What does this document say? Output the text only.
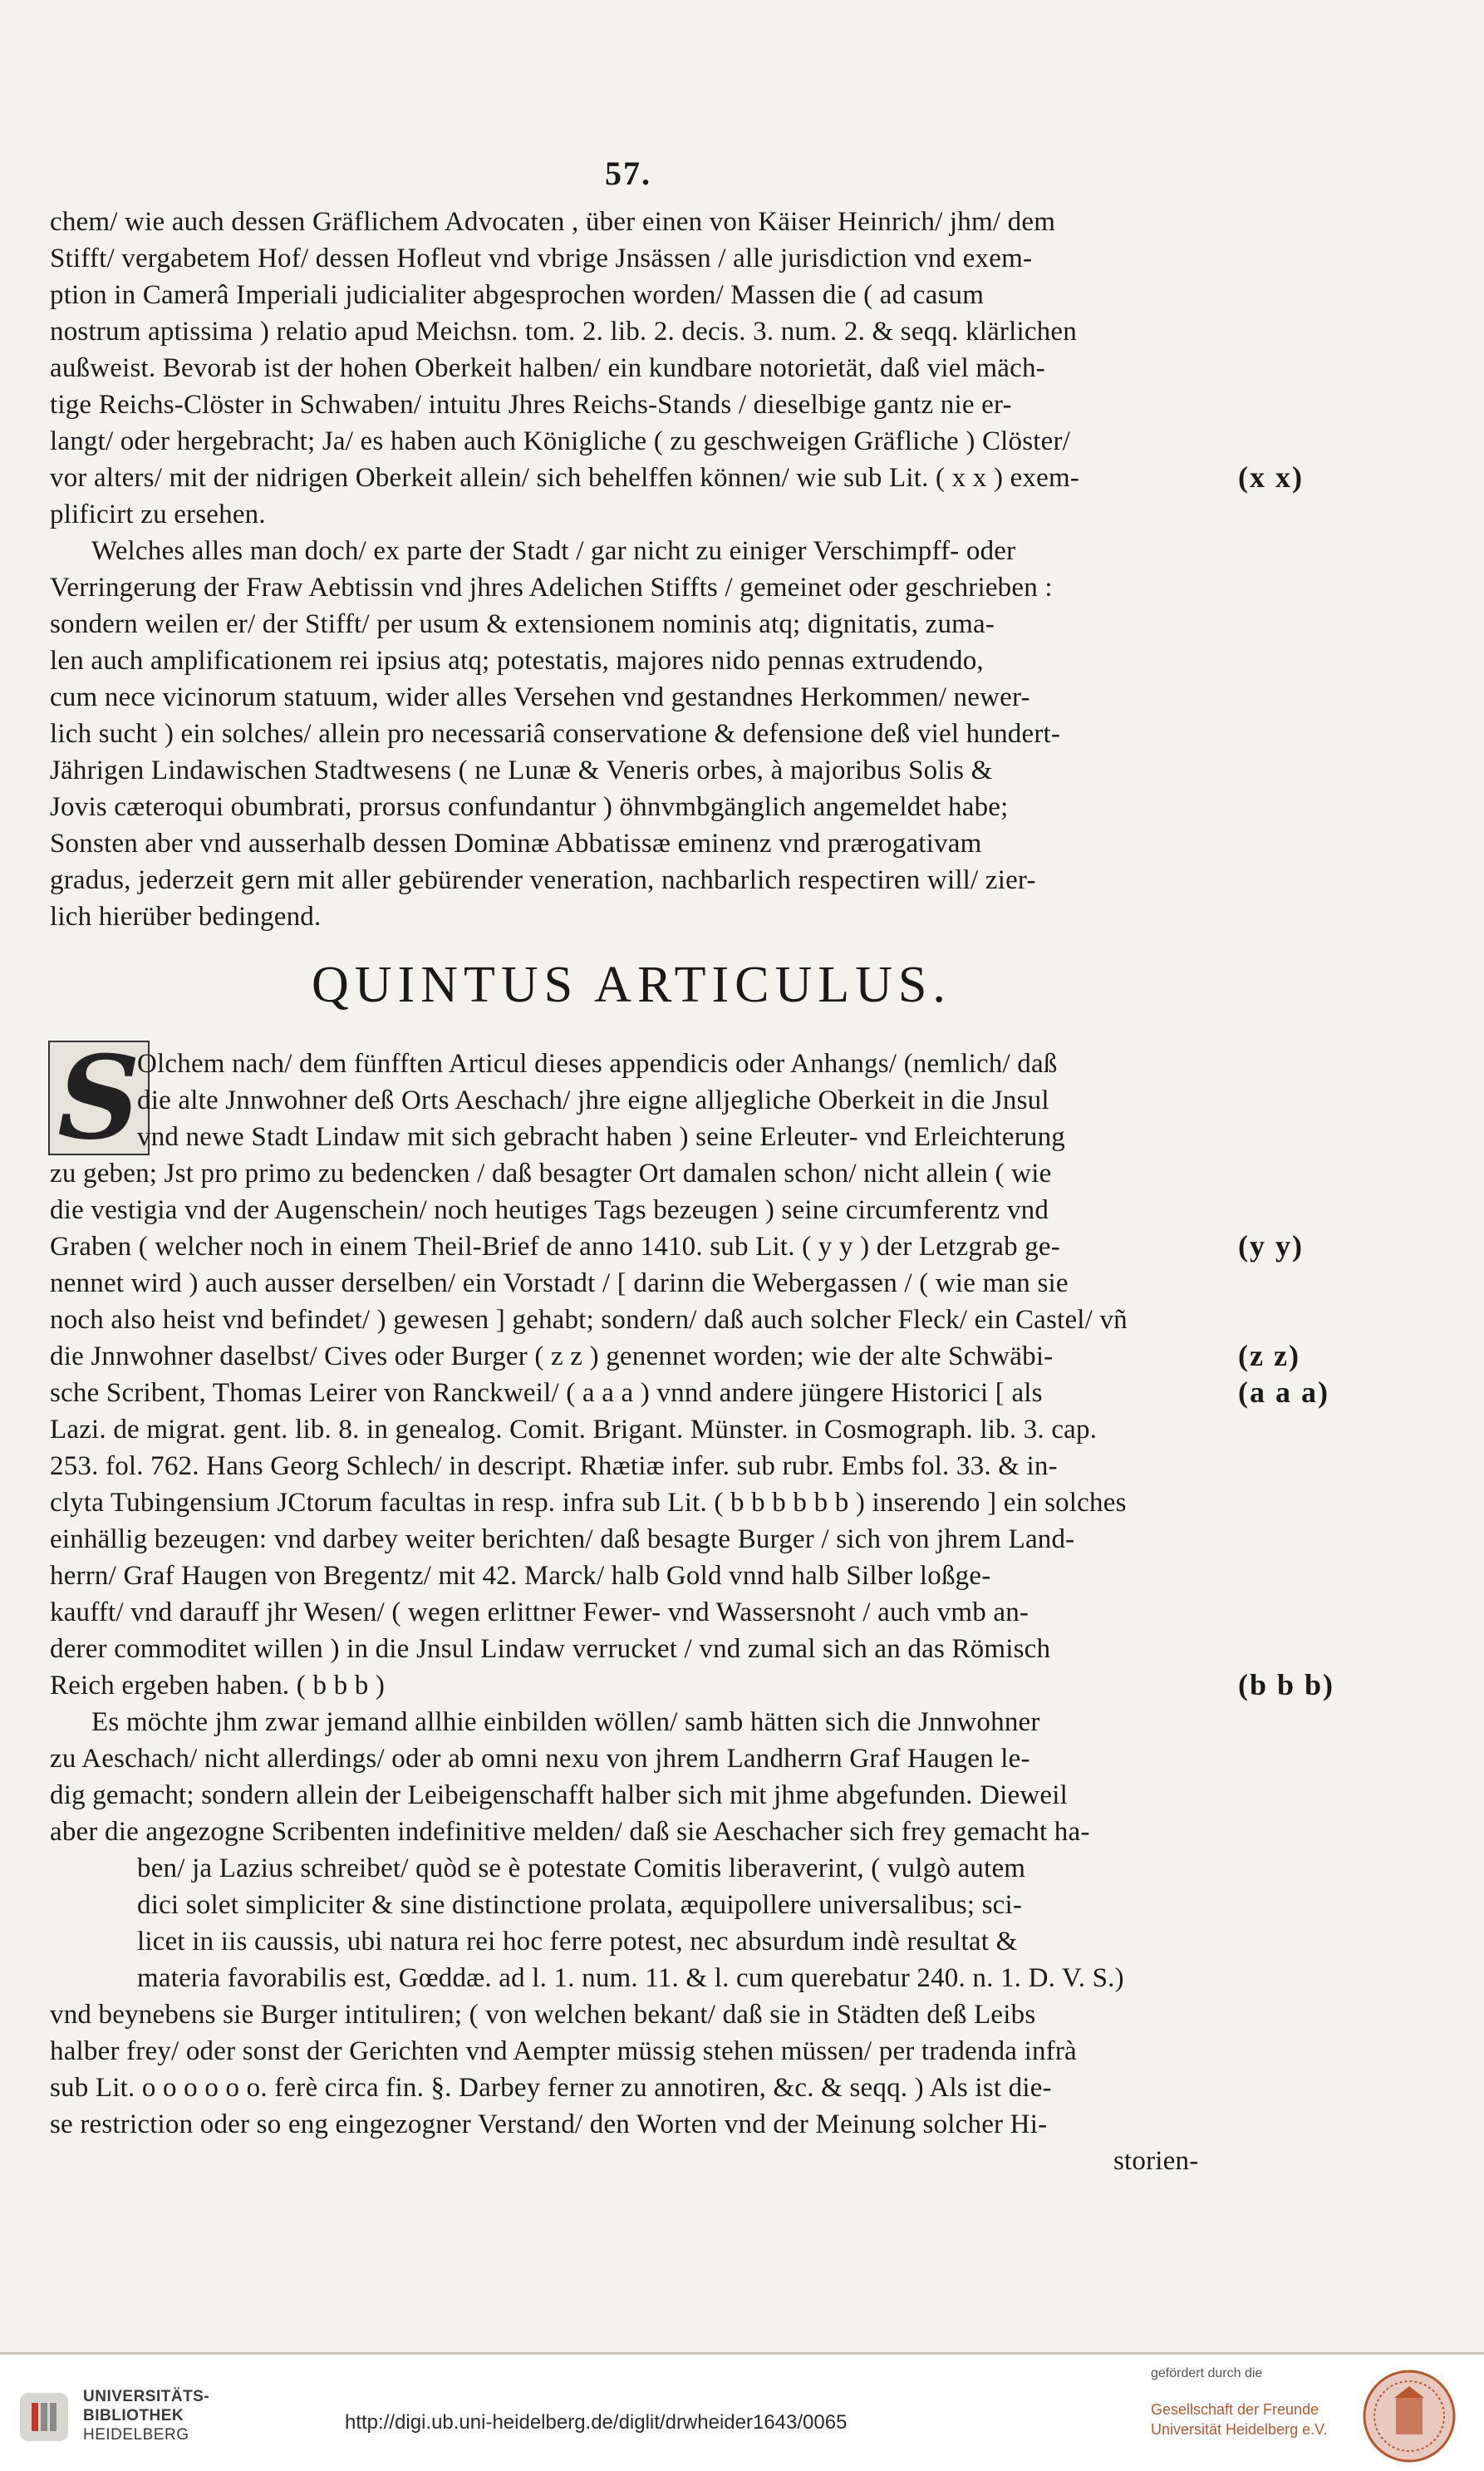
57.
chem/ wie auch dessen Gräflichem Advocaten , über einen von Käiser Heinrich/ jhm/ dem
Stifft/ vergabetem Hof/ dessen Hofleut vnd vbrige Jnsässen / alle jurisdiction vnd exem-
ption in Camerâ Imperiali judicialiter abgesprochen worden/ Massen die ( ad casum
nostrum aptissima ) relatio apud Meichsn. tom. 2. lib. 2. decis. 3. num. 2. & seqq. klärlichen
außweist. Bevorab ist der hohen Oberkeit halben/ ein kundbare notorietät, daß viel mäch-
tige Reichs-Clöster in Schwaben/ intuitu Jhres Reichs-Stands / dieselbige gantz nie er-
langt/ oder hergebracht; Ja/ es haben auch Königliche ( zu geschweigen Gräfliche ) Clöster/
vor alters/ mit der nidrigen Oberkeit allein/ sich behelffen können/ wie sub Lit. ( x x ) exem-
plificirt zu ersehen.
(x x)
Welches alles man doch/ ex parte der Stadt / gar nicht zu einiger Verschimpff- oder
Verringerung der Fraw Aebtissin vnd jhres Adelichen Stiffts / gemeinet oder geschrieben :
sondern weilen er/ der Stifft/ per usum & extensionem nominis atq; dignitatis, zuma-
len auch amplificationem rei ipsius atq; potestatis, majores nido pennas extrudendo,
cum nece vicinorum statuum, wider alles Versehen vnd gestandnes Herkommen/ newer-
lich sucht ) ein solches/ allein pro necessariâ conservatione & defensione deß viel hundert-
Jährigen Lindawischen Stadtwesens ( ne Lunæ & Veneris orbes, à majoribus Solis &
Jovis cæteroqui obumbrati, prorsus confundantur ) öhnvmbgänglich angemeldet habe;
Sonsten aber vnd ausserhalb dessen Dominæ Abbatissæ eminenz vnd prærogativam
gradus, jederzeit gern mit aller gebürender veneration, nachbarlich respectiren will/ zier-
lich hierüber bedingend.
QUINTUS ARTICULUS.
S
Olchem nach/ dem fünfften Articul dieses appendicis oder Anhangs/ (nemlich/ daß
die alte Jnnwohner deß Orts Aeschach/ jhre eigne alljegliche Oberkeit in die Jnsul
vnd newe Stadt Lindaw mit sich gebracht haben ) seine Erleuter- vnd Erleichterung
zu geben; Jst pro primo zu bedencken / daß besagter Ort damalen schon/ nicht allein ( wie
die vestigia vnd der Augenschein/ noch heutiges Tags bezeugen ) seine circumferentz vnd
Graben ( welcher noch in einem Theil-Brief de anno 1410. sub Lit. ( y y ) der Letzgrab ge-
nennet wird ) auch ausser derselben/ ein Vorstadt / [ darinn die Webergassen / ( wie man sie
noch also heist vnd befindet/ ) gewesen ] gehabt; sondern/ daß auch solcher Fleck/ ein Castel/ vñ
die Jnnwohner daselbst/ Cives oder Burger ( z z ) genennet worden; wie der alte Schwäbi-
sche Scribent, Thomas Leirer von Ranckweil/ ( a a a ) vnnd andere jüngere Historici [ als
Lazi. de migrat. gent. lib. 8. in genealog. Comit. Brigant. Münster. in Cosmograph. lib. 3. cap.
253. fol. 762. Hans Georg Schlech/ in descript. Rhætiæ infer. sub rubr. Embs fol. 33. & in-
clyta Tubingensium JCtorum facultas in resp. infra sub Lit. ( b b b b b b ) inserendo ] ein solches
einhällig bezeugen: vnd darbey weiter berichten/ daß besagte Burger / sich von jhrem Land-
herrn/ Graf Haugen von Bregentz/ mit 42. Marck/ halb Gold vnnd halb Silber loßge-
kaufft/ vnd darauff jhr Wesen/ ( wegen erlittner Fewer- vnd Wassersnoht / auch vmb an-
derer commoditet willen ) in die Jnsul Lindaw verrucket / vnd zumal sich an das Römisch
Reich ergeben haben. ( b b b )
(y y)
(z z)
(a a a)
(b b b)
Es möchte jhm zwar jemand allhie einbilden wöllen/ samb hätten sich die Jnnwohner
zu Aeschach/ nicht allerdings/ oder ab omni nexu von jhrem Landherrn Graf Haugen le-
dig gemacht; sondern allein der Leibeigenschafft halber sich mit jhme abgefunden. Dieweil
aber die angezogne Scribenten indefinitive melden/ daß sie Aeschacher sich frey gemacht ha-
ben/ ja Lazius schreibet/ quòd se è potestate Comitis liberaverint, ( vulgò autem
dici solet simpliciter & sine distinctione prolata, æquipollere universalibus; sci-
licet in iis caussis, ubi natura rei hoc ferre potest, nec absurdum indè resultat &
materia favorabilis est, Gœddæ. ad l. 1. num. 11. & l. cum querebatur 240. n. 1. D. V. S.)
vnd beynebens sie Burger intituliren; ( von welchen bekant/ daß sie in Städten deß Leibs
halber frey/ oder sonst der Gerichten vnd Aempter müssig stehen müssen/ per tradenda infrà
sub Lit. o o o o o o. ferè circa fin. §. Darbey ferner zu annotiren, &c. & seqq. ) Als ist die-
se restriction oder so eng eingezogner Verstand/ den Worten vnd der Meinung solcher Hi-
storien-
UNIVERSITÄTS-
BIBLIOTHEK
HEIDELBERG
http://digi.ub.uni-heidelberg.de/diglit/drwheider1643/0065
gefördert durch die
Gesellschaft der Freunde
Universität Heidelberg e.V.
